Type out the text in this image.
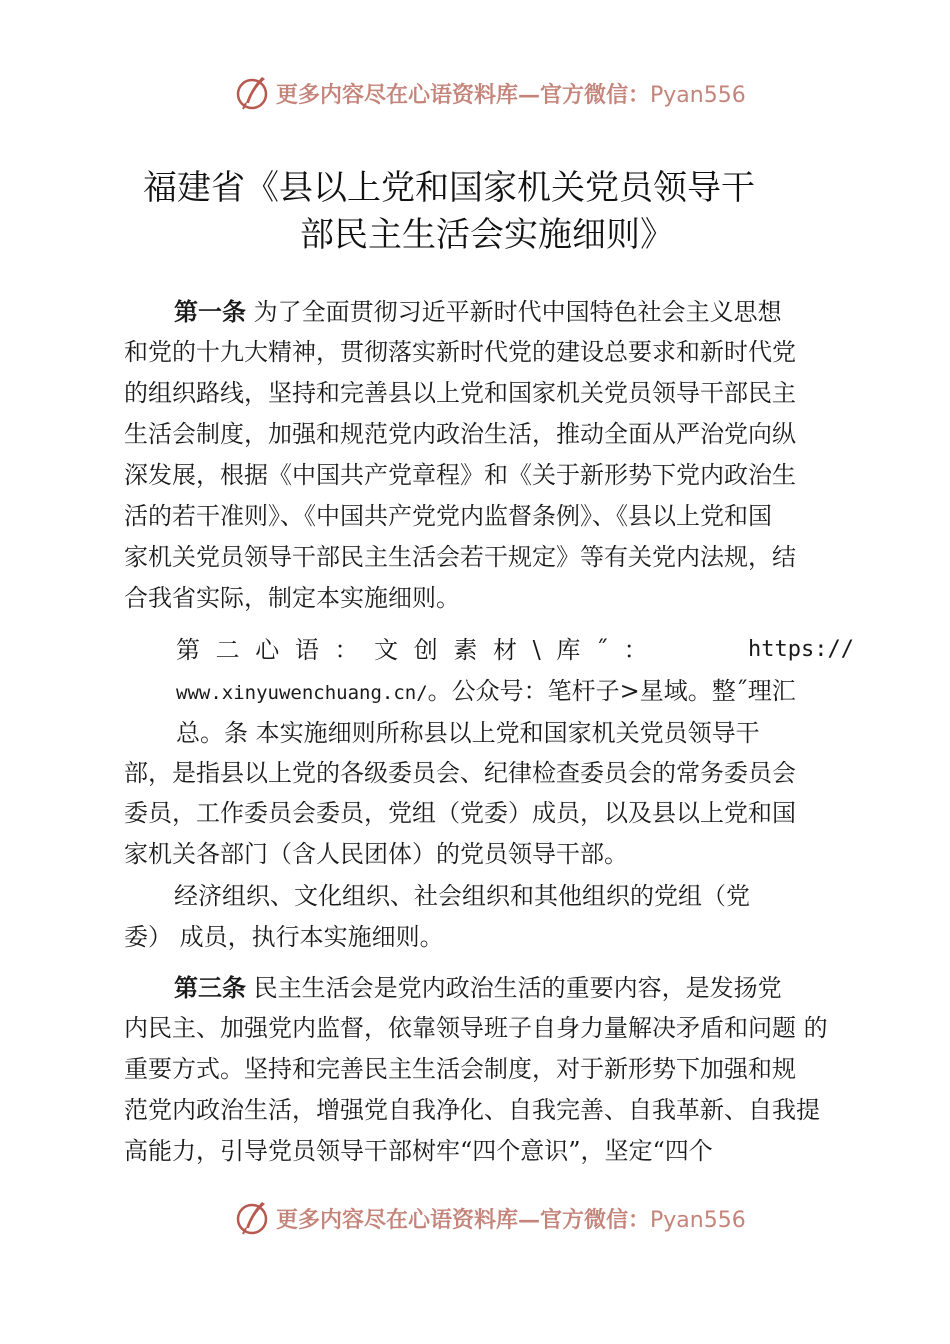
更多内容尽在心语资料库—官方微信：Pyan556
福建省《县以上党和国家机关党员领导干
部民主生活会实施细则》
第一条 为了全面贯彻习近平新时代中国特色社会主义思想
和党的十九大精神，贯彻落实新时代党的建设总要求和新时代党
的组织路线，坚持和完善县以上党和国家机关党员领导干部民主
生活会制度，加强和规范党内政治生活，推动全面从严治党向纵
深发展，根据《中国共产党章程》和《关于新形势下党内政治生
活的若干准则》、《中国共产党党内监督条例》、《县以上党和国
家机关党员领导干部民主生活会若干规定》等有关党内法规，结
合我省实际，制定本实施细则。
第 二 心 语 ： 文 创 素 材 \ 库 ˝ ：	https://
www.xinyuwenchuang.cn/。公众号：笔杆子>星域。整˝理汇
总。条 本实施细则所称县以上党和国家机关党员领导干
部，是指县以上党的各级委员会、纪律检查委员会的常务委员会
委员，工作委员会委员，党组（党委）成员，以及县以上党和国
家机关各部门（含人民团体）的党员领导干部。
经济组织、文化组织、社会组织和其他组织的党组（党
委） 成员，执行本实施细则。
第三条 民主生活会是党内政治生活的重要内容，是发扬党
内民主、加强党内监督，依靠领导班子自身力量解决矛盾和问题 的
重要方式。坚持和完善民主生活会制度，对于新形势下加强和规
范党内政治生活，增强党自我净化、自我完善、自我革新、自我提
高能力，引导党员领导干部树牢“四个意识”，坚定“四个
更多内容尽在心语资料库—官方微信：Pyan556
